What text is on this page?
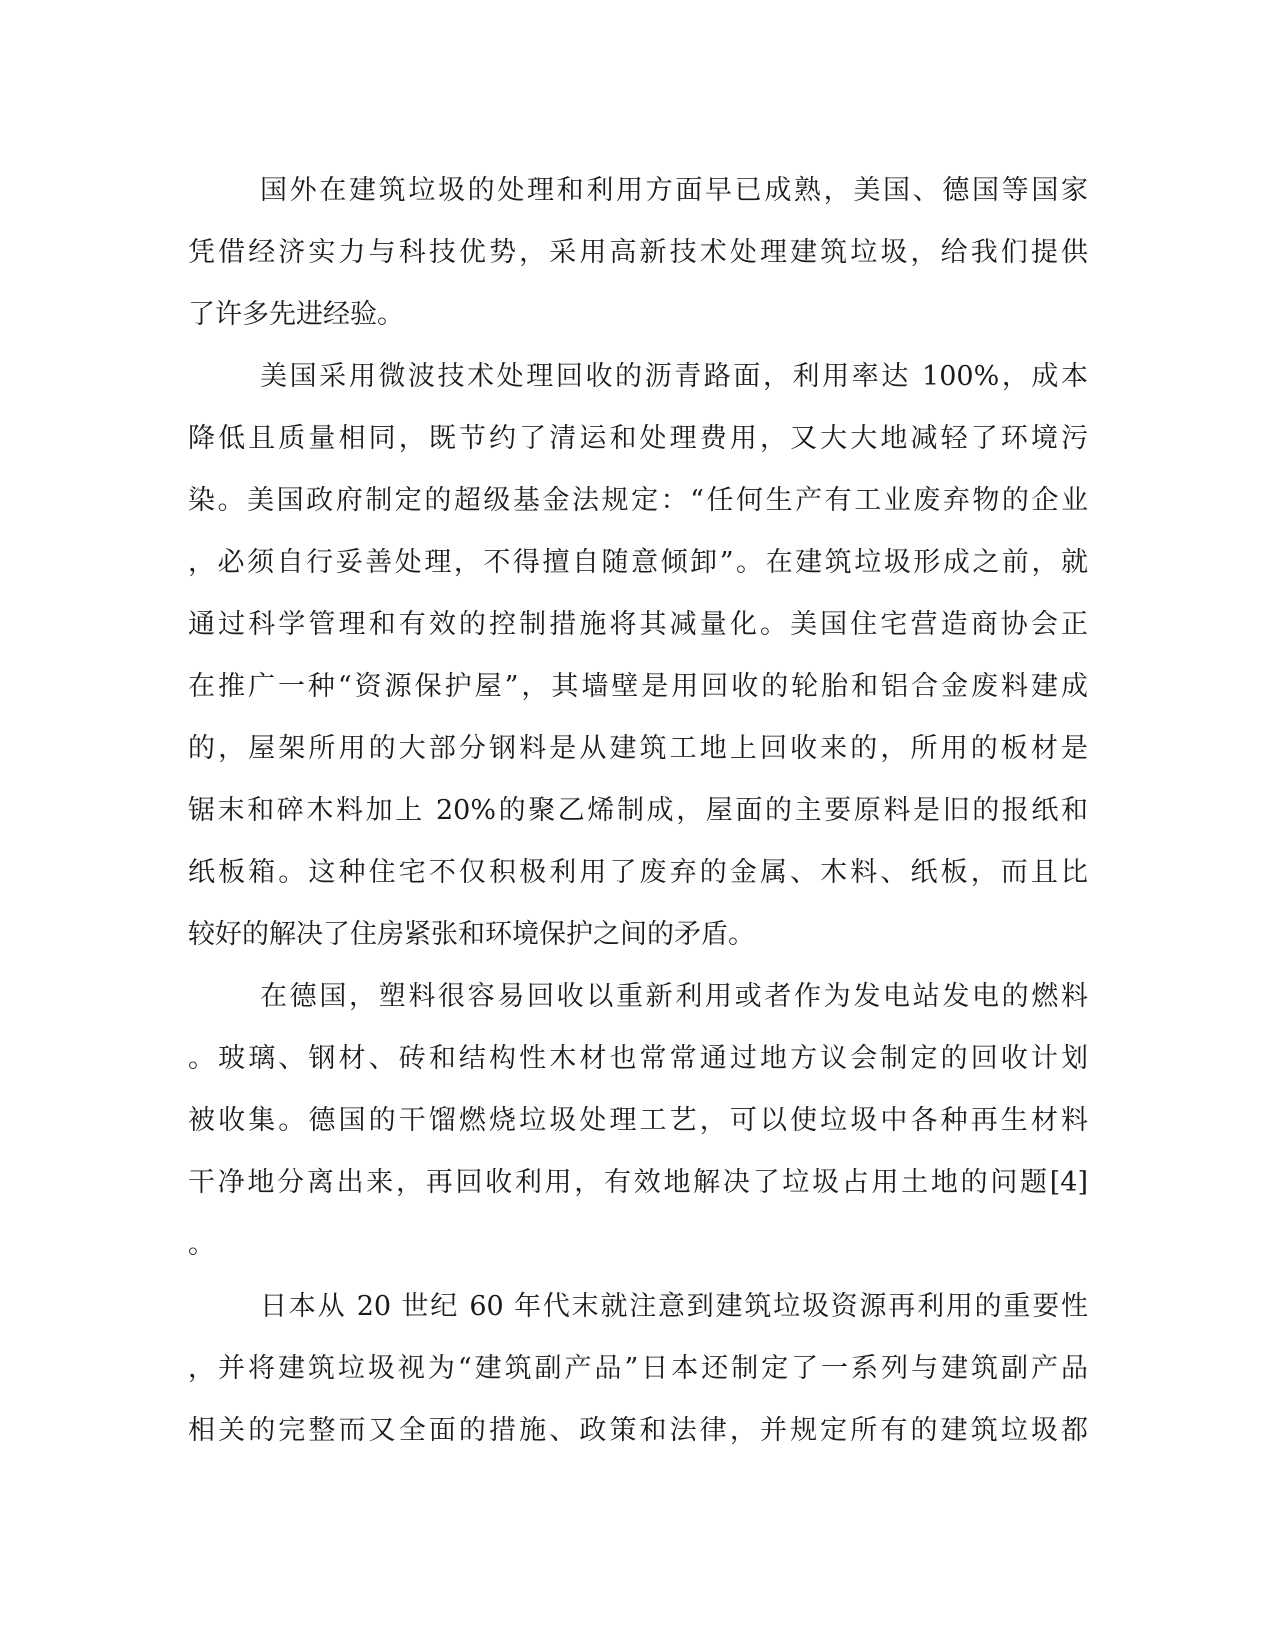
国外在建筑垃圾的处理和利用方面早已成熟，美国、德国等国家
凭借经济实力与科技优势，采用高新技术处理建筑垃圾，给我们提供
了许多先进经验。
美国采用微波技术处理回收的沥青路面，利用率达 100%，成本
降低且质量相同，既节约了清运和处理费用，又大大地减轻了环境污
染。美国政府制定的超级基金法规定：“任何生产有工业废弃物的企业
，必须自行妥善处理，不得擅自随意倾卸”。在建筑垃圾形成之前，就
通过科学管理和有效的控制措施将其减量化。美国住宅营造商协会正
在推广一种“资源保护屋”，其墙壁是用回收的轮胎和铝合金废料建成
的，屋架所用的大部分钢料是从建筑工地上回收来的，所用的板材是
锯末和碎木料加上 20%的聚乙烯制成，屋面的主要原料是旧的报纸和
纸板箱。这种住宅不仅积极利用了废弃的金属、木料、纸板，而且比
较好的解决了住房紧张和环境保护之间的矛盾。
在德国，塑料很容易回收以重新利用或者作为发电站发电的燃料
。玻璃、钢材、砖和结构性木材也常常通过地方议会制定的回收计划
被收集。德国的干馏燃烧垃圾处理工艺，可以使垃圾中各种再生材料
干净地分离出来，再回收利用，有效地解决了垃圾占用土地的问题[4]
。
日本从 20 世纪 60 年代末就注意到建筑垃圾资源再利用的重要性
，并将建筑垃圾视为“建筑副产品”日本还制定了一系列与建筑副产品
相关的完整而又全面的措施、政策和法律，并规定所有的建筑垃圾都
